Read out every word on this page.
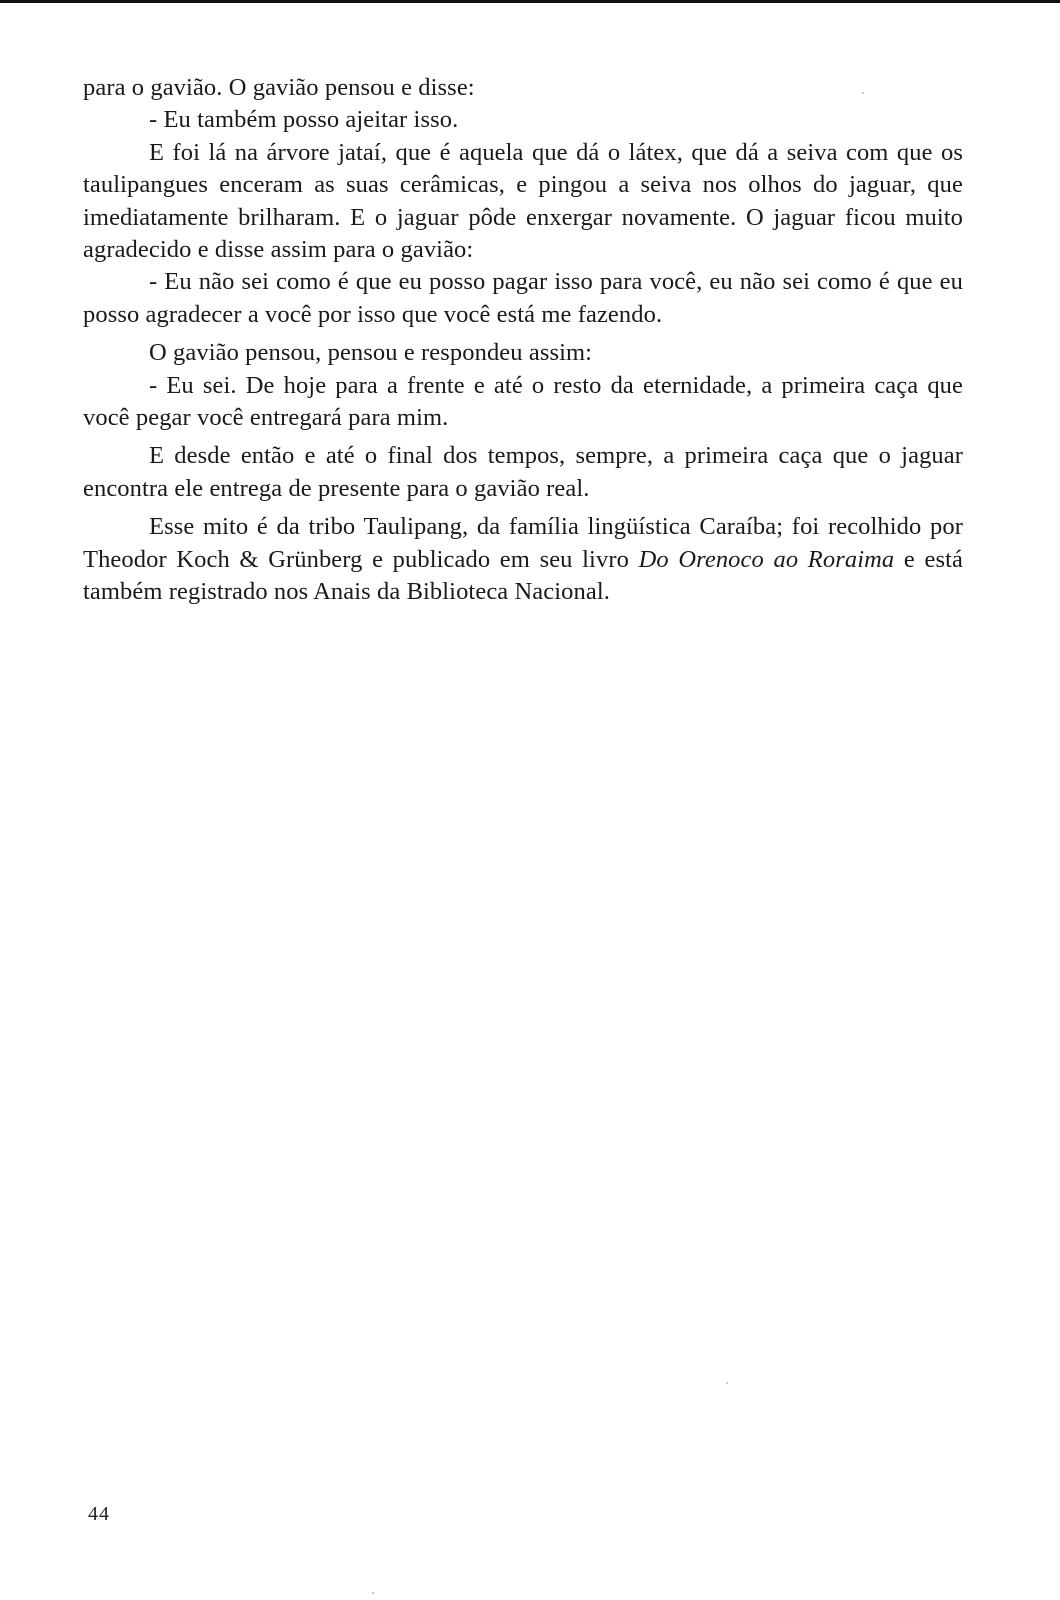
para o gavião. O gavião pensou e disse:

- Eu também posso ajeitar isso.

E foi lá na árvore jataí, que é aquela que dá o látex, que dá a seiva com que os taulipangues enceram as suas cerâmicas, e pingou a seiva nos olhos do jaguar, que imediatamente brilharam. E o jaguar pôde enxergar novamente. O jaguar ficou muito agradecido e disse assim para o gavião:

- Eu não sei como é que eu posso pagar isso para você, eu não sei como é que eu posso agradecer a você por isso que você está me fazendo.

O gavião pensou, pensou e respondeu assim:

- Eu sei. De hoje para a frente e até o resto da eternidade, a primeira caça que você pegar você entregará para mim.

E desde então e até o final dos tempos, sempre, a primeira caça que o jaguar encontra ele entrega de presente para o gavião real.

Esse mito é da tribo Taulipang, da família lingüística Caraíba; foi recolhido por Theodor Koch & Grünberg e publicado em seu livro Do Orenoco ao Roraima e está também registrado nos Anais da Biblioteca Nacional.

44
